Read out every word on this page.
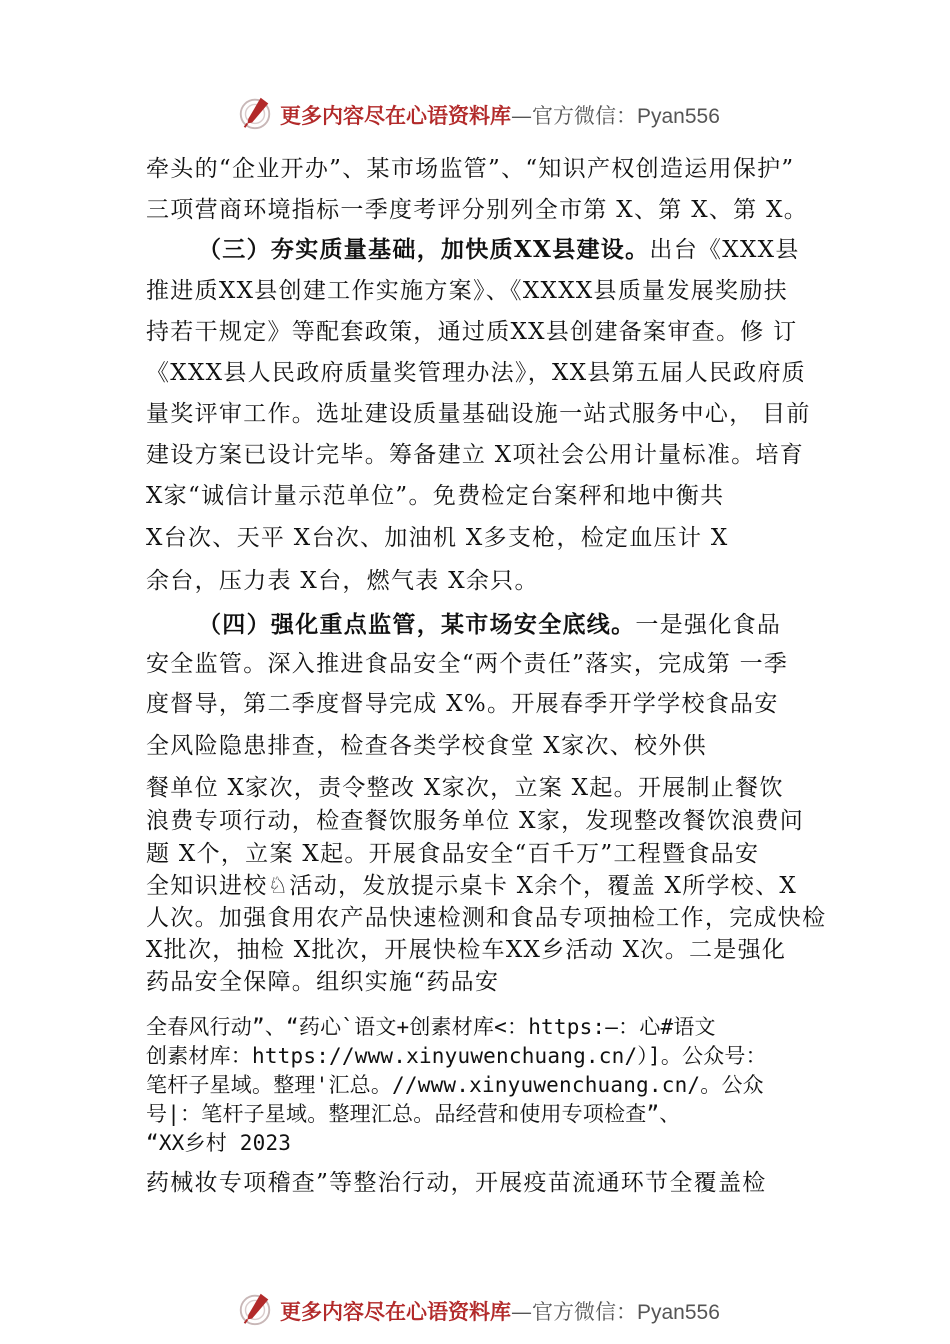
更多内容尽在心语资料库—官方微信：Pyan556
牵头的“企业开办”、某市场监管”、“知识产权创造运用保护”
三项营商环境指标一季度考评分别列全市第 X、第 X、第 X。
（三）夯实质量基础，加快质XX县建设。出台《XXX县
推进质XX县创建工作实施方案》、《XXXX县质量发展奖励扶
持若干规定》等配套政策，通过质XX县创建备案审查。修 订
《XXX县人民政府质量奖管理办法》，XX县第五届人民政府质
量奖评审工作。选址建设质量基础设施一站式服务中心， 目前
建设方案已设计完毕。筹备建立 X项社会公用计量标准。培育
X家“诚信计量示范单位”。免费检定台案秤和地中衡共
X台次、天平 X台次、加油机 X多支枪，检定血压计 X
余台，压力表 X台，燃气表 X余只。
（四）强化重点监管，某市场安全底线。一是强化食品
安全监管。深入推进食品安全“两个责任”落实，完成第 一季
度督导，第二季度督导完成 X%。开展春季开学学校食品安
全风险隐患排查，检查各类学校食堂 X家次、校外供
餐单位 X家次，责令整改 X家次，立案 X起。开展制止餐饮
浪费专项行动，检查餐饮服务单位 X家，发现整改餐饮浪费问
题 X个，立案 X起。开展食品安全“百千万”工程暨食品安
全知识进校♘活动，发放提示桌卡 X余个，覆盖 X所学校、X
人次。加强食用农产品快速检测和食品专项抽检工作，完成快检
X批次，抽检 X批次，开展快检车XX乡活动 X次。二是强化
药品安全保障。组织实施“药品安
全春风行动”、“药心`语文+创素材库<：https:—：心#语文
创素材库：https://www.xinyuwenchuang.cn/）]。公众号：
笔杆子星域。整理'汇总。//www.xinyuwenchuang.cn/。公众
号|：笔杆子星域。整理汇总。品经营和使用专项检查”、
“XX乡村 2023
药械妆专项稽查”等整治行动，开展疫苗流通环节全覆盖检
更多内容尽在心语资料库—官方微信：Pyan556
